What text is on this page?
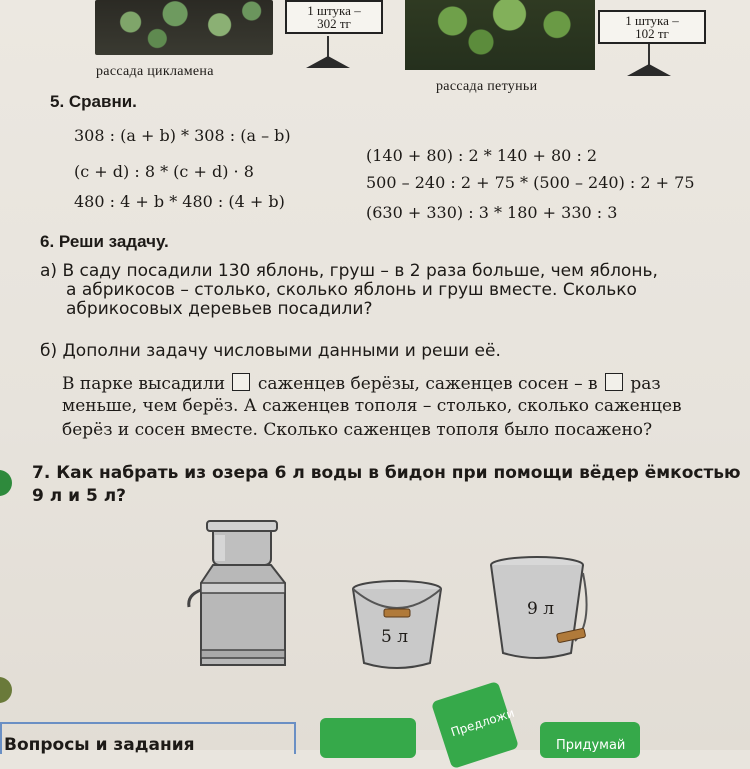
1 штука –
302 тг	1 штука –
102 тг
рассада цикламена
рассада петуньи
5. Сравни.
308 : (a + b) * 308 : (a – b)
(c + d) : 8 * (c + d) · 8
480 : 4 + b * 480 : (4 + b)
(140 + 80) : 2 * 140 + 80 : 2
500 – 240 : 2 + 75 * (500 – 240) : 2 + 75
(630 + 330) : 3 * 180 + 330 : 3
6. Реши задачу.
а) В саду посадили 130 яблонь, груш – в 2 раза больше, чем яблонь,
а абрикосов – столько, сколько яблонь и груш вместе. Сколько
абрикосовых деревьев посадили?
б) Дополни задачу числовыми данными и реши её.
В парке высадили саженцев берёзы, саженцев сосен – в раз
меньше, чем берёз. А саженцев тополя – столько, сколько саженцев
берёз и сосен вместе. Сколько саженцев тополя было посажено?
7. Как набрать из озера 6 л воды в бидон при помощи вёдер ёмкостью
9 л и 5 л?
5 л
9 л
Вопросы и задания
Предложи
Придумай
